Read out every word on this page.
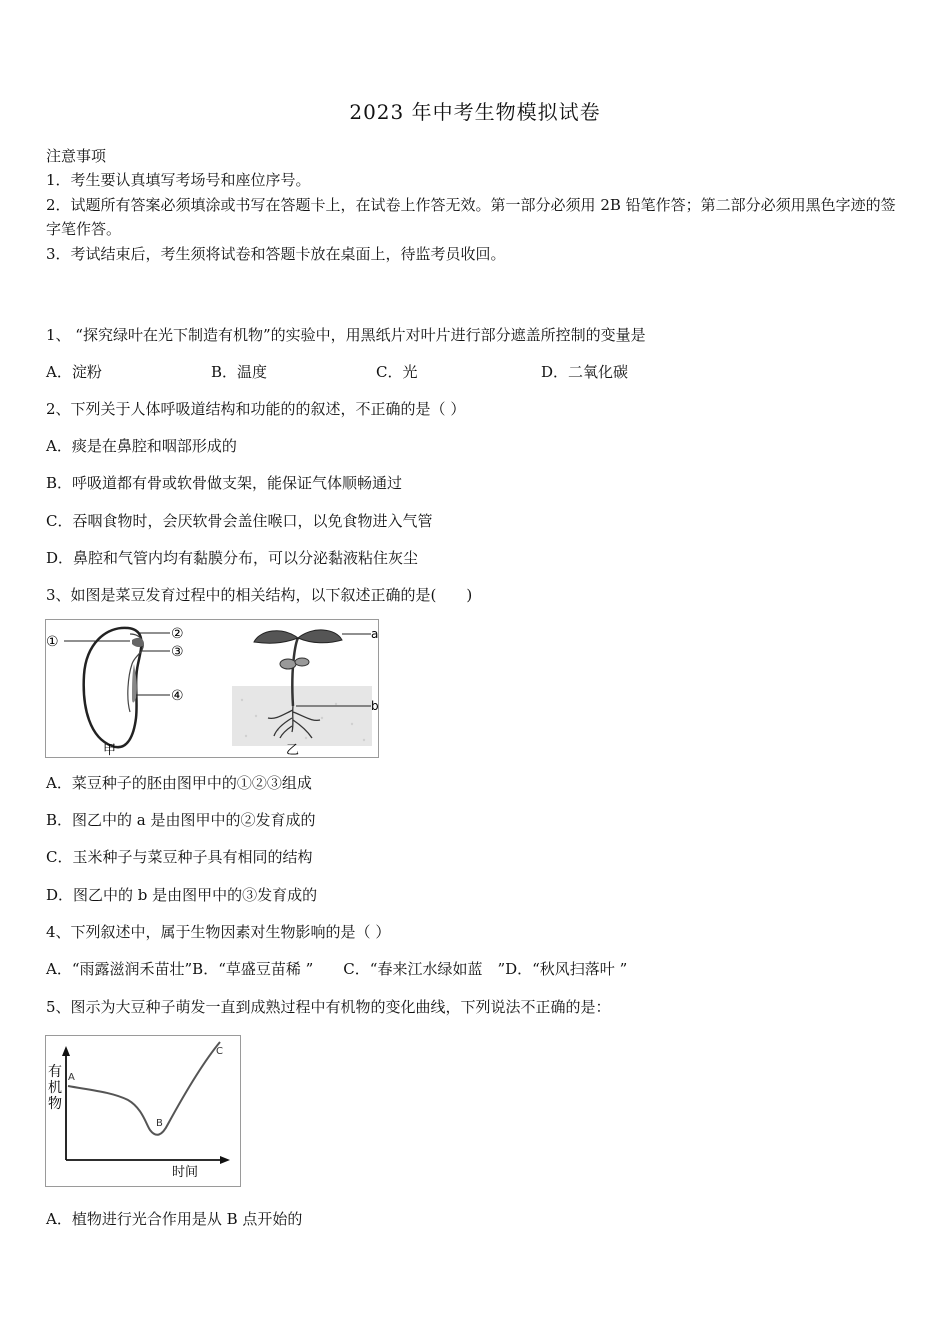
2023 年中考生物模拟试卷
注意事项
1．考生要认真填写考场号和座位序号。
2．试题所有答案必须填涂或书写在答题卡上，在试卷上作答无效。第一部分必须用 2B 铅笔作答；第二部分必须用黑色字迹的签字笔作答。
3．考试结束后，考生须将试卷和答题卡放在桌面上，待监考员收回。
1、 “探究绿叶在光下制造有机物”的实验中，用黑纸片对叶片进行部分遮盖所控制的变量是
A．淀粉	B．温度	C．光	D．二氧化碳
2、下列关于人体呼吸道结构和功能的的叙述，不正确的是（ ）
A．痰是在鼻腔和咽部形成的
B．呼吸道都有骨或软骨做支架，能保证气体顺畅通过
C．吞咽食物时，会厌软骨会盖住喉口，以免食物进入气管
D．鼻腔和气管内均有黏膜分布，可以分泌黏液粘住灰尘
3、如图是菜豆发育过程中的相关结构，以下叙述正确的是(　　)
①	②
③
④
甲
a
b
乙
A．菜豆种子的胚由图甲中的①②③组成
B．图乙中的 a 是由图甲中的②发育成的
C．玉米种子与菜豆种子具有相同的结构
D．图乙中的 b 是由图甲中的③发育成的
4、下列叙述中，属于生物因素对生物影响的是（ ）
A．“雨露滋润禾苗壮”B．“草盛豆苗稀 ”　　C．“春来江水绿如蓝　”D．“秋风扫落叶 ”
5、图示为大豆种子萌发一直到成熟过程中有机物的变化曲线，下列说法不正确的是：
有
机
物
A
B
C
时间
A．植物进行光合作用是从 B 点开始的
